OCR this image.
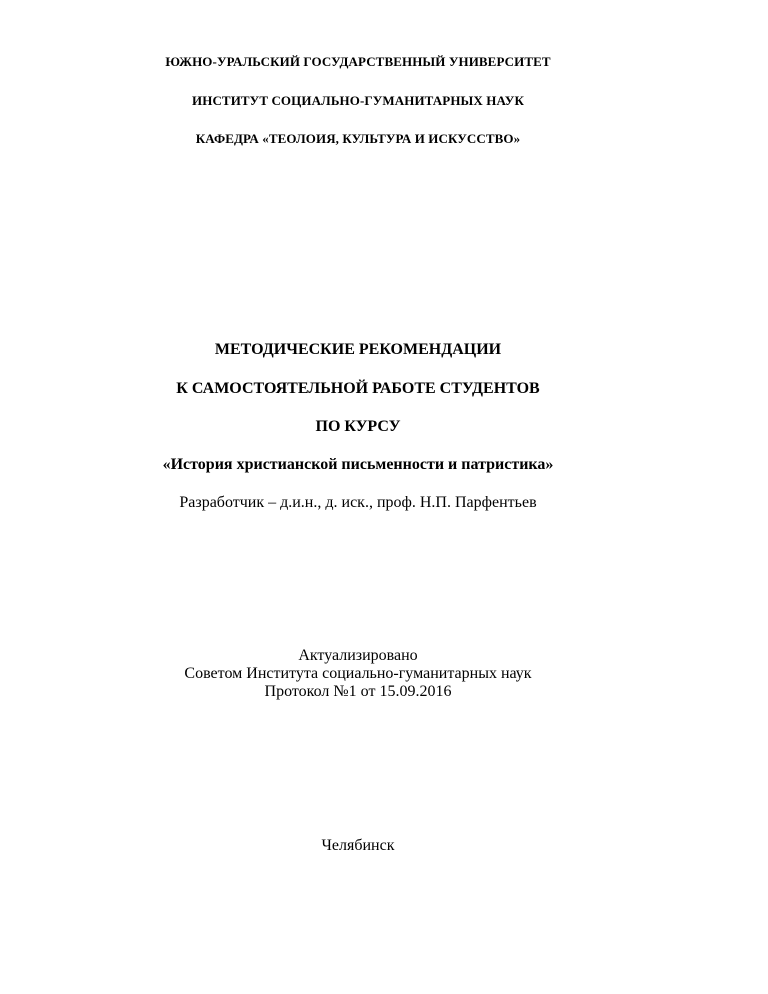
ЮЖНО-УРАЛЬСКИЙ ГОСУДАРСТВЕННЫЙ УНИВЕРСИТЕТ

ИНСТИТУТ СОЦИАЛЬНО-ГУМАНИТАРНЫХ НАУК

КАФЕДРА «ТЕОЛОИЯ, КУЛЬТУРА И ИСКУССТВО»

МЕТОДИЧЕСКИЕ РЕКОМЕНДАЦИИ

К САМОСТОЯТЕЛЬНОЙ РАБОТЕ СТУДЕНТОВ

ПО КУРСУ

«История христианской письменности и патристика»

Разработчик – д.и.н., д. иск., проф. Н.П. Парфентьев

Актуализировано

Советом Института социально-гуманитарных наук

Протокол №1 от 15.09.2016

Челябинск
